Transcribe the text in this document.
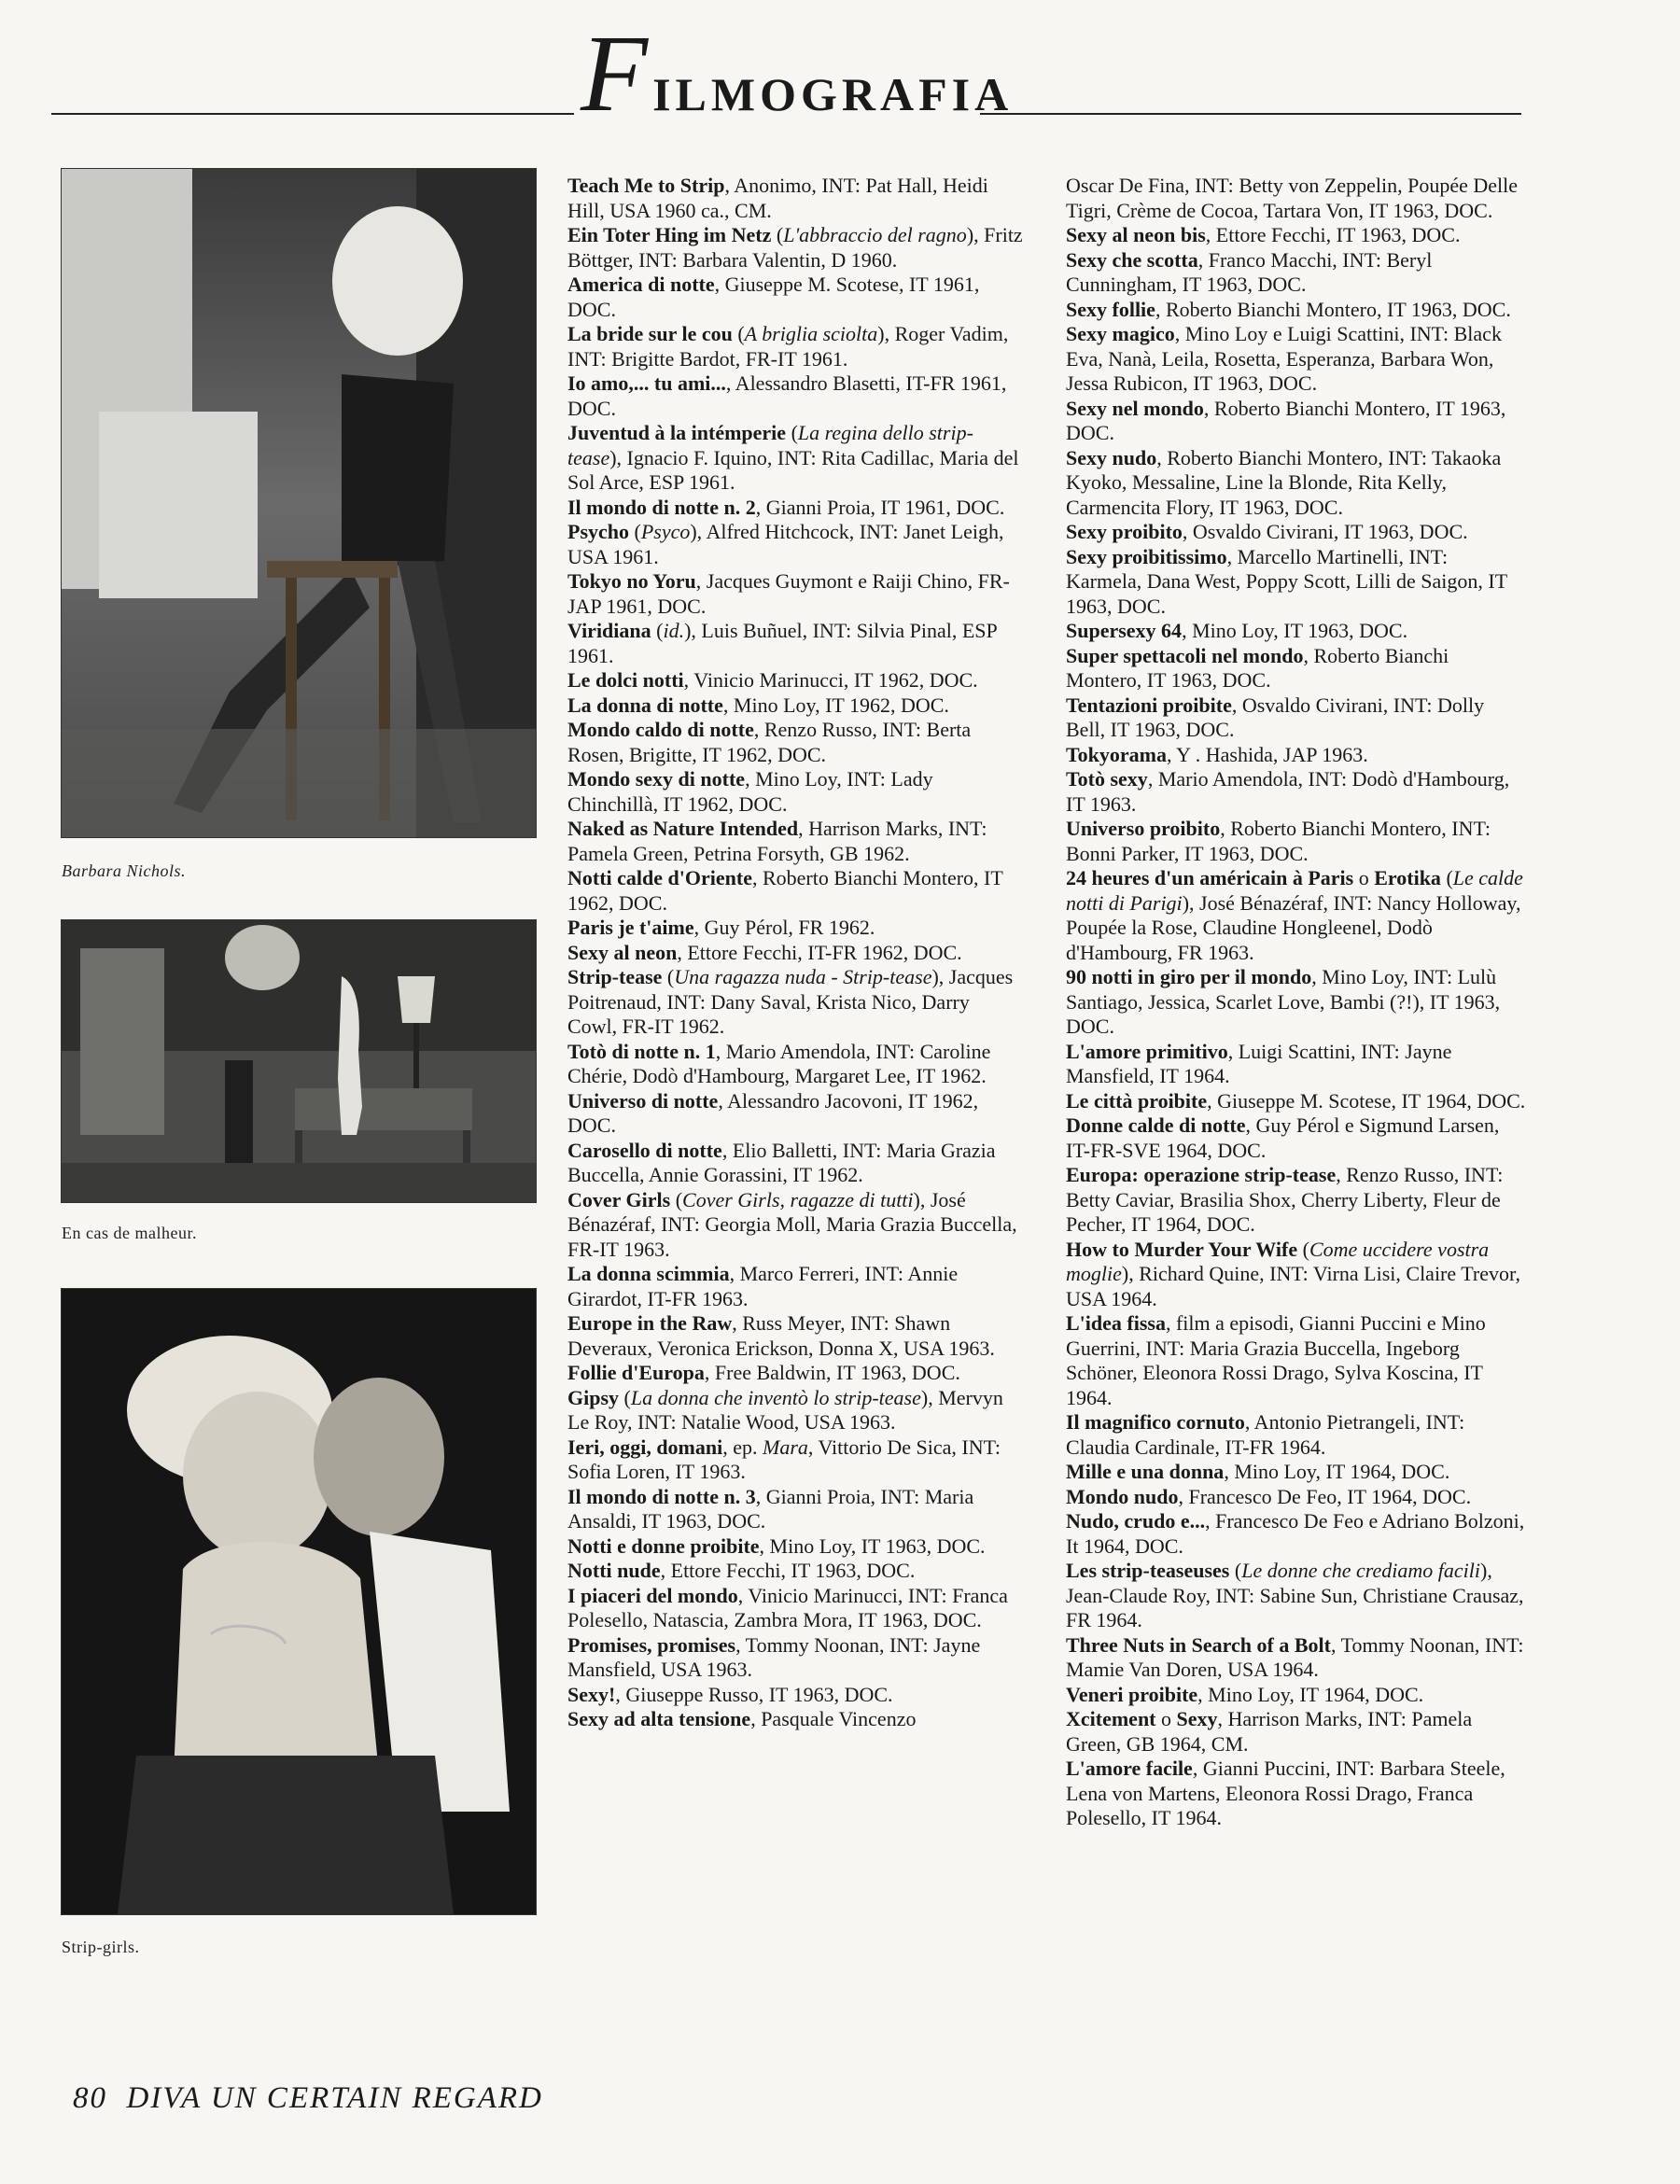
FILMOGRAFIA
Barbara Nichols.
En cas de malheur.
Strip-girls.

Teach Me to Strip, Anonimo, INT: Pat Hall, Heidi Hill, USA 1960 ca., CM.

Ein Toter Hing im Netz (L'abbraccio del ragno), Fritz Böttger, INT: Barbara Valentin, D 1960.

America di notte, Giuseppe M. Scotese, IT 1961, DOC.

La bride sur le cou (A briglia sciolta), Roger Vadim, INT: Brigitte Bardot, FR-IT 1961.

Io amo,... tu ami..., Alessandro Blasetti, IT-FR 1961, DOC.

Juventud à la intémperie (La regina dello strip-tease), Ignacio F. Iquino, INT: Rita Cadillac, Maria del Sol Arce, ESP 1961.

Il mondo di notte n. 2, Gianni Proia, IT 1961, DOC.

Psycho (Psyco), Alfred Hitchcock, INT: Janet Leigh, USA 1961.

Tokyo no Yoru, Jacques Guymont e Raiji Chino, FR-JAP 1961, DOC.

Viridiana (id.), Luis Buñuel, INT: Silvia Pinal, ESP 1961.

Le dolci notti, Vinicio Marinucci, IT 1962, DOC.

La donna di notte, Mino Loy, IT 1962, DOC.

Mondo caldo di notte, Renzo Russo, INT: Berta Rosen, Brigitte, IT 1962, DOC.

Mondo sexy di notte, Mino Loy, INT: Lady Chinchillà, IT 1962, DOC.

Naked as Nature Intended, Harrison Marks, INT: Pamela Green, Petrina Forsyth, GB 1962.

Notti calde d'Oriente, Roberto Bianchi Montero, IT 1962, DOC.

Paris je t'aime, Guy Pérol, FR 1962.

Sexy al neon, Ettore Fecchi, IT-FR 1962, DOC.

Strip-tease (Una ragazza nuda - Strip-tease), Jacques Poitrenaud, INT: Dany Saval, Krista Nico, Darry Cowl, FR-IT 1962.

Totò di notte n. 1, Mario Amendola, INT: Caroline Chérie, Dodò d'Hambourg, Margaret Lee, IT 1962.

Universo di notte, Alessandro Jacovoni, IT 1962, DOC.

Carosello di notte, Elio Balletti, INT: Maria Grazia Buccella, Annie Gorassini, IT 1962.

Cover Girls (Cover Girls, ragazze di tutti), José Bénazéraf, INT: Georgia Moll, Maria Grazia Buccella, FR-IT 1963.

La donna scimmia, Marco Ferreri, INT: Annie Girardot, IT-FR 1963.

Europe in the Raw, Russ Meyer, INT: Shawn Deveraux, Veronica Erickson, Donna X, USA 1963.

Follie d'Europa, Free Baldwin, IT 1963, DOC.

Gipsy (La donna che inventò lo strip-tease), Mervyn Le Roy, INT: Natalie Wood, USA 1963.

Ieri, oggi, domani, ep. Mara, Vittorio De Sica, INT: Sofia Loren, IT 1963.

Il mondo di notte n. 3, Gianni Proia, INT: Maria Ansaldi, IT 1963, DOC.

Notti e donne proibite, Mino Loy, IT 1963, DOC.

Notti nude, Ettore Fecchi, IT 1963, DOC.

I piaceri del mondo, Vinicio Marinucci, INT: Franca Polesello, Natascia, Zambra Mora, IT 1963, DOC.

Promises, promises, Tommy Noonan, INT: Jayne Mansfield, USA 1963.

Sexy!, Giuseppe Russo, IT 1963, DOC.

Sexy ad alta tensione, Pasquale Vincenzo

Oscar De Fina, INT: Betty von Zeppelin, Poupée Delle Tigri, Crème de Cocoa, Tartara Von, IT 1963, DOC.

Sexy al neon bis, Ettore Fecchi, IT 1963, DOC.

Sexy che scotta, Franco Macchi, INT: Beryl Cunningham, IT 1963, DOC.

Sexy follie, Roberto Bianchi Montero, IT 1963, DOC.

Sexy magico, Mino Loy e Luigi Scattini, INT: Black Eva, Nanà, Leila, Rosetta, Esperanza, Barbara Won, Jessa Rubicon, IT 1963, DOC.

Sexy nel mondo, Roberto Bianchi Montero, IT 1963, DOC.

Sexy nudo, Roberto Bianchi Montero, INT: Takaoka Kyoko, Messaline, Line la Blonde, Rita Kelly, Carmencita Flory, IT 1963, DOC.

Sexy proibito, Osvaldo Civirani, IT 1963, DOC.

Sexy proibitissimo, Marcello Martinelli, INT: Karmela, Dana West, Poppy Scott, Lilli de Saigon, IT 1963, DOC.

Supersexy 64, Mino Loy, IT 1963, DOC.

Super spettacoli nel mondo, Roberto Bianchi Montero, IT 1963, DOC.

Tentazioni proibite, Osvaldo Civirani, INT: Dolly Bell, IT 1963, DOC.

Tokyorama, Y . Hashida, JAP 1963.

Totò sexy, Mario Amendola, INT: Dodò d'Hambourg, IT 1963.

Universo proibito, Roberto Bianchi Montero, INT: Bonni Parker, IT 1963, DOC.

24 heures d'un américain à Paris o Erotika (Le calde notti di Parigi), José Bénazéraf, INT: Nancy Holloway, Poupée la Rose, Claudine Hongleenel, Dodò d'Hambourg, FR 1963.

90 notti in giro per il mondo, Mino Loy, INT: Lulù Santiago, Jessica, Scarlet Love, Bambi (?!), IT 1963, DOC.

L'amore primitivo, Luigi Scattini, INT: Jayne Mansfield, IT 1964.

Le città proibite, Giuseppe M. Scotese, IT 1964, DOC.

Donne calde di notte, Guy Pérol e Sigmund Larsen, IT-FR-SVE 1964, DOC.

Europa: operazione strip-tease, Renzo Russo, INT: Betty Caviar, Brasilia Shox, Cherry Liberty, Fleur de Pecher, IT 1964, DOC.

How to Murder Your Wife (Come uccidere vostra moglie), Richard Quine, INT: Virna Lisi, Claire Trevor, USA 1964.

L'idea fissa, film a episodi, Gianni Puccini e Mino Guerrini, INT: Maria Grazia Buccella, Ingeborg Schöner, Eleonora Rossi Drago, Sylva Koscina, IT 1964.

Il magnifico cornuto, Antonio Pietrangeli, INT: Claudia Cardinale, IT-FR 1964.

Mille e una donna, Mino Loy, IT 1964, DOC.

Mondo nudo, Francesco De Feo, IT 1964, DOC.

Nudo, crudo e..., Francesco De Feo e Adriano Bolzoni, It 1964, DOC.

Les strip-teaseuses (Le donne che crediamo facili), Jean-Claude Roy, INT: Sabine Sun, Christiane Crausaz, FR 1964.

Three Nuts in Search of a Bolt, Tommy Noonan, INT: Mamie Van Doren, USA 1964.

Veneri proibite, Mino Loy, IT 1964, DOC.

Xcitement o Sexy, Harrison Marks, INT: Pamela Green, GB 1964, CM.

L'amore facile, Gianni Puccini, INT: Barbara Steele, Lena von Martens, Eleonora Rossi Drago, Franca Polesello, IT 1964.

80 DIVA UN CERTAIN REGARD
